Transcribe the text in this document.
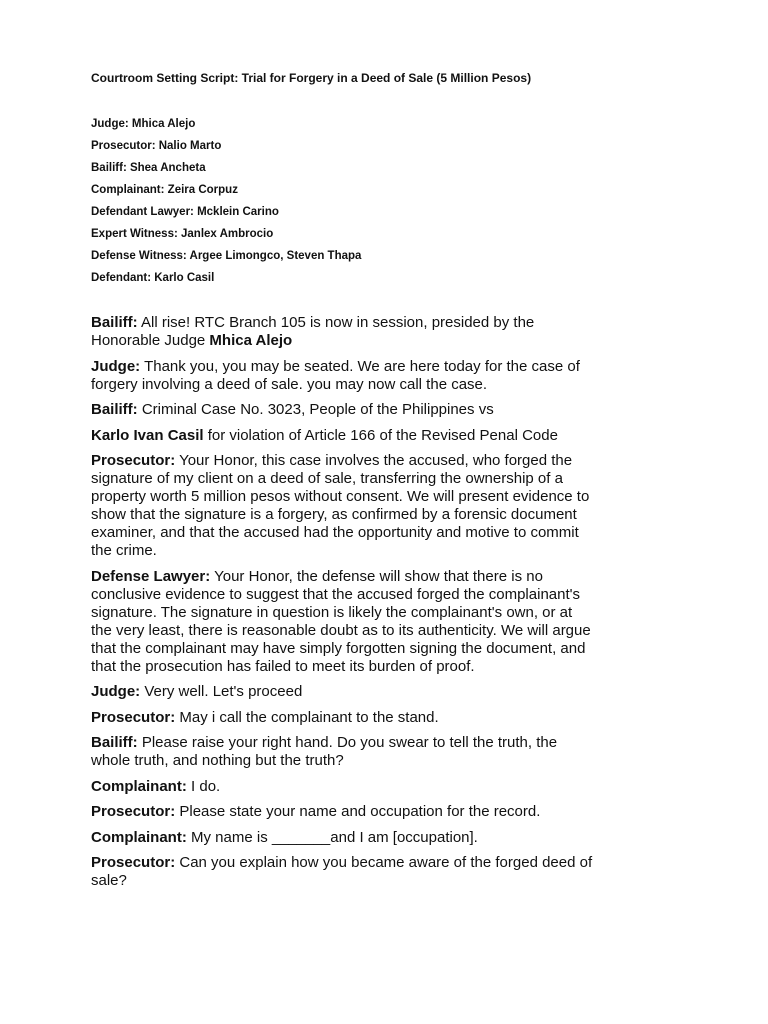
Courtroom Setting Script: Trial for Forgery in a Deed of Sale (5 Million Pesos)
Judge: Mhica Alejo
Prosecutor: Nalio Marto
Bailiff: Shea Ancheta
Complainant: Zeira Corpuz
Defendant Lawyer: Mcklein Carino
Expert Witness: Janlex Ambrocio
Defense Witness: Argee Limongco, Steven Thapa
Defendant: Karlo Casil

Bailiff: All rise! RTC Branch 105 is now in session, presided by the
Honorable Judge Mhica Alejo

Judge: Thank you, you may be seated. We are here today for the case of
forgery involving a deed of sale. you may now call the case.

Bailiff: Criminal Case No. 3023, People of the Philippines vs

Karlo Ivan Casil for violation of Article 166 of the Revised Penal Code

Prosecutor: Your Honor, this case involves the accused, who forged the
signature of my client on a deed of sale, transferring the ownership of a
property worth 5 million pesos without consent. We will present evidence to
show that the signature is a forgery, as confirmed by a forensic document
examiner, and that the accused had the opportunity and motive to commit
the crime.

Defense Lawyer: Your Honor, the defense will show that there is no
conclusive evidence to suggest that the accused forged the complainant's
signature. The signature in question is likely the complainant's own, or at
the very least, there is reasonable doubt as to its authenticity. We will argue
that the complainant may have simply forgotten signing the document, and
that the prosecution has failed to meet its burden of proof.

Judge: Very well. Let's proceed

Prosecutor: May i call the complainant to the stand.

Bailiff: Please raise your right hand. Do you swear to tell the truth, the
whole truth, and nothing but the truth?

Complainant: I do.

Prosecutor: Please state your name and occupation for the record.

Complainant: My name is _______and I am [occupation].

Prosecutor: Can you explain how you became aware of the forged deed of
sale?
